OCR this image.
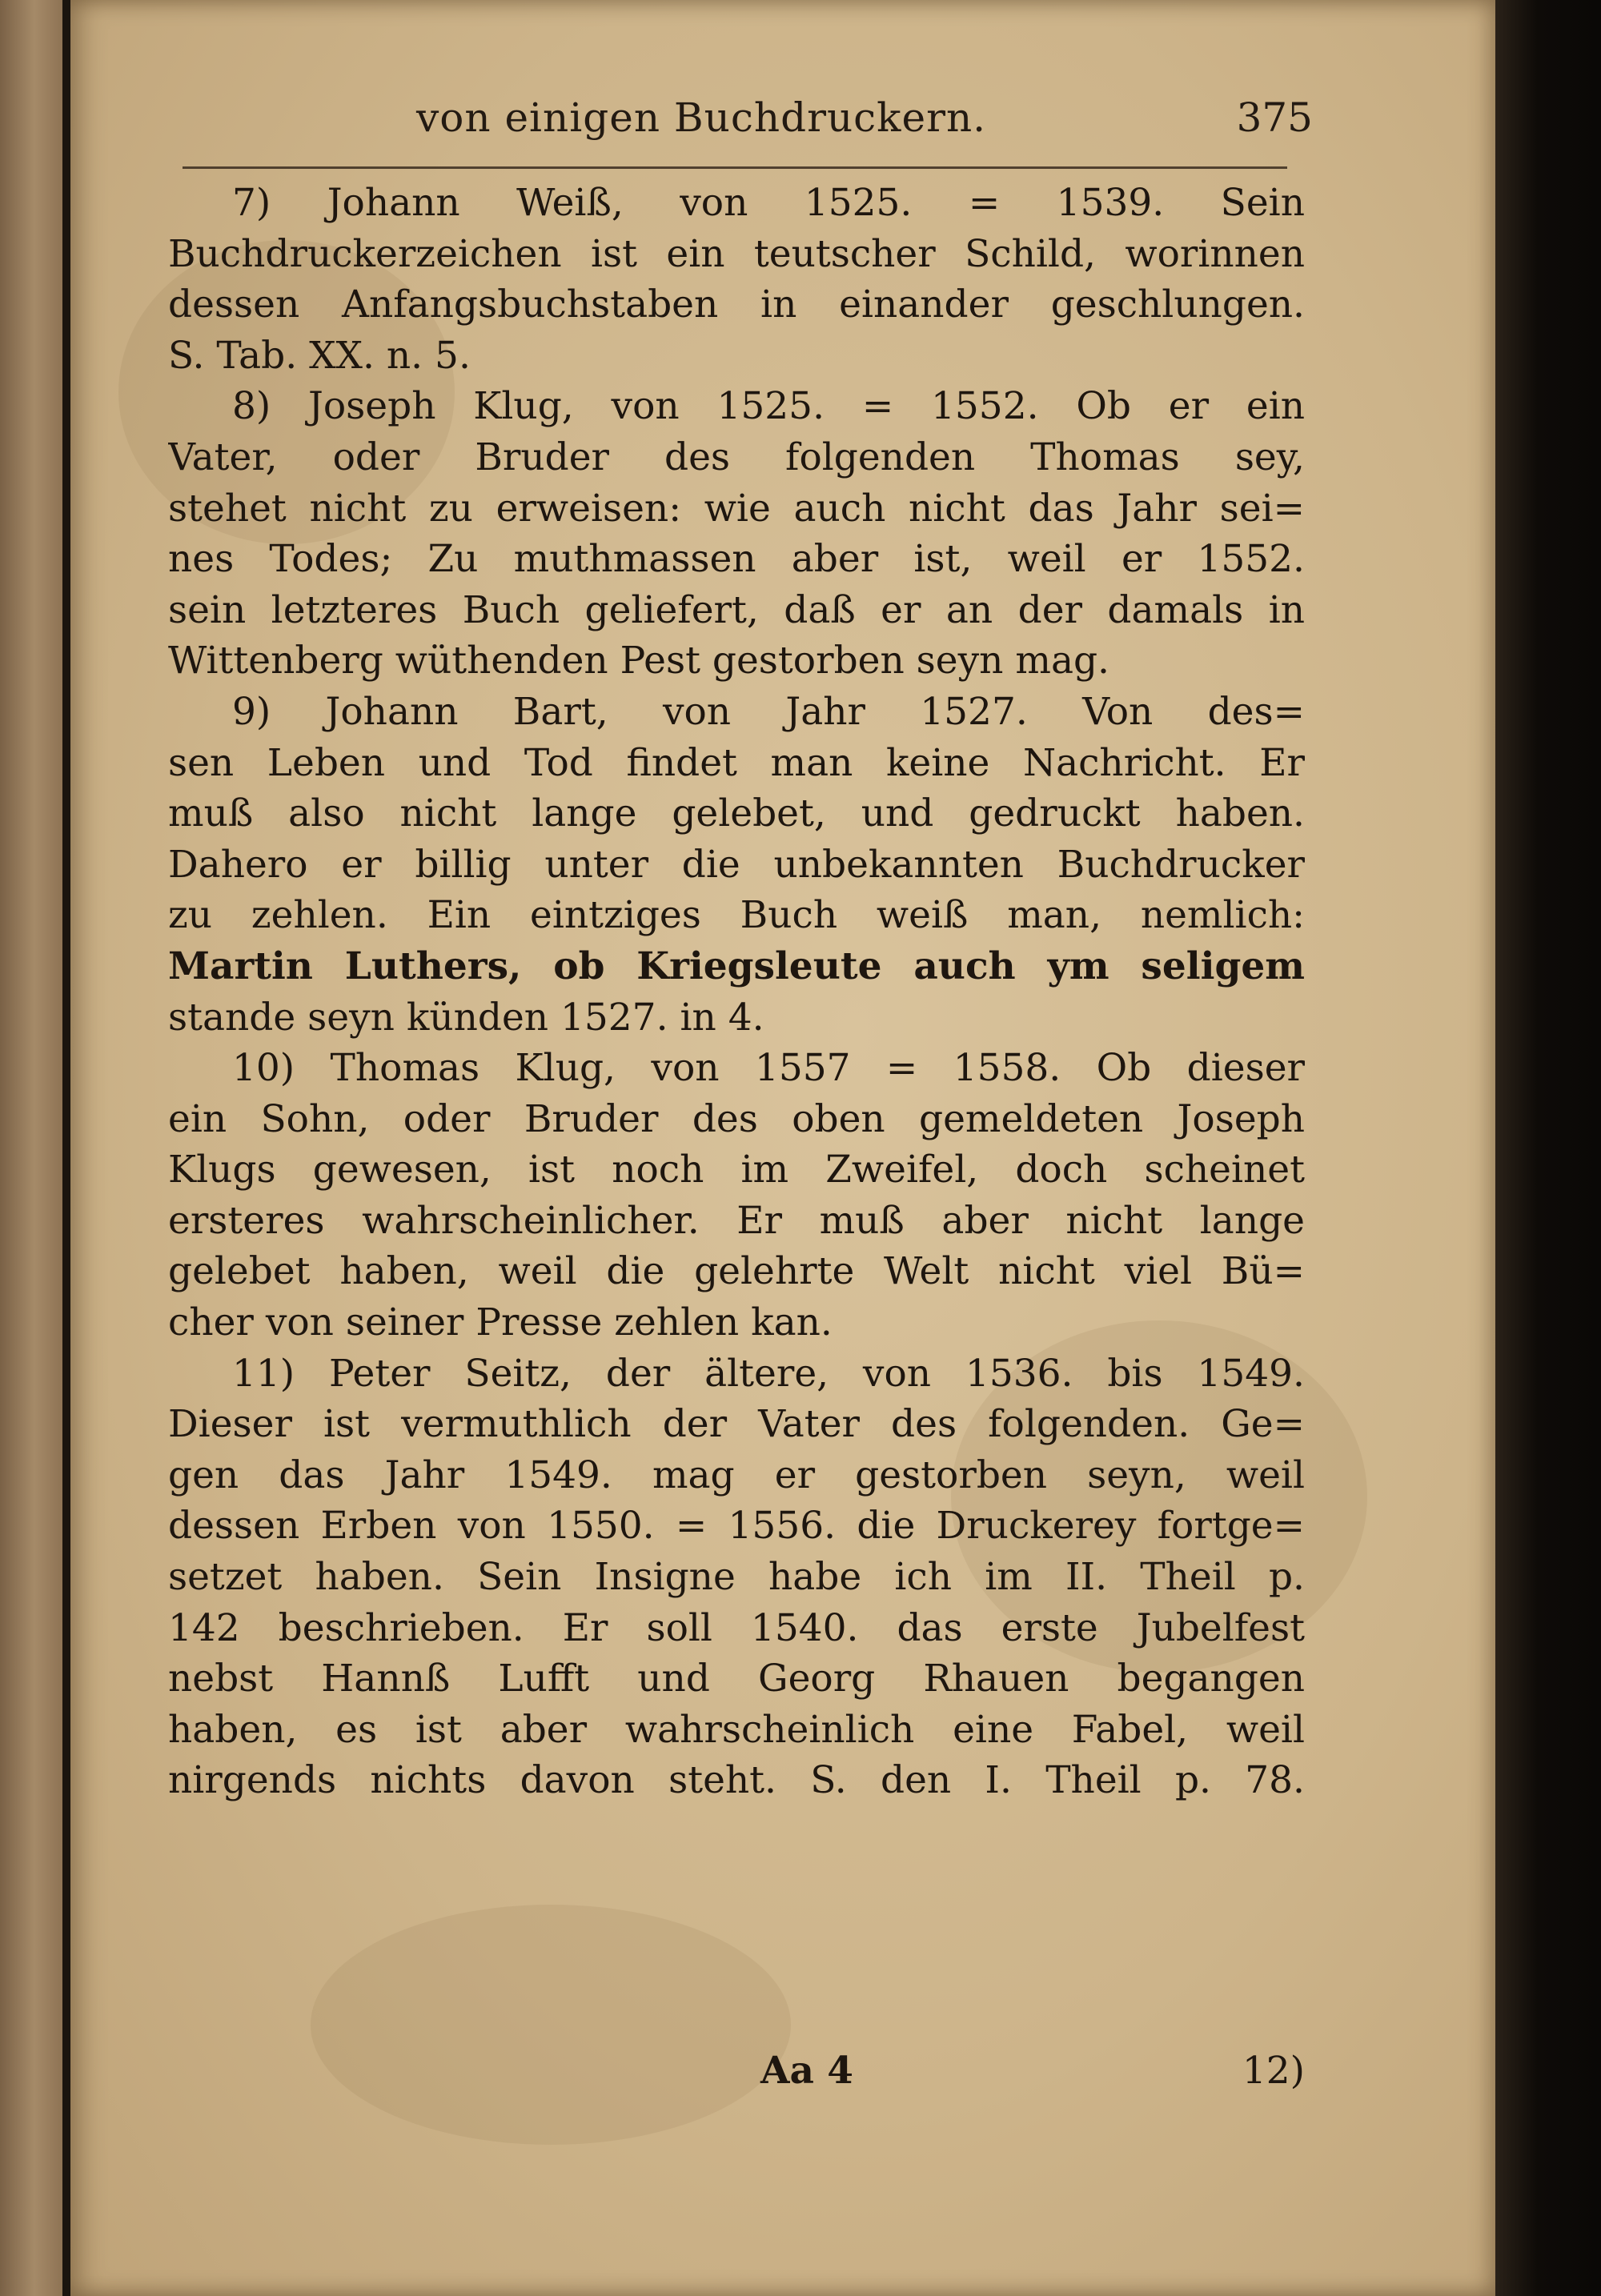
von einigen Buchdruckern.	375
7) Johann Weiß, von 1525. = 1539. Sein
Buchdruckerzeichen ist ein teutscher Schild, worinnen
dessen Anfangsbuchstaben in einander geschlungen.
S. Tab. XX. n. 5.
8) Joseph Klug, von 1525. = 1552. Ob er ein
Vater, oder Bruder des folgenden Thomas sey,
stehet nicht zu erweisen: wie auch nicht das Jahr sei=
nes Todes; Zu muthmassen aber ist, weil er 1552.
sein letzteres Buch geliefert, daß er an der damals in
Wittenberg wüthenden Pest gestorben seyn mag.
9) Johann Bart, von Jahr 1527. Von des=
sen Leben und Tod findet man keine Nachricht. Er
muß also nicht lange gelebet, und gedruckt haben.
Dahero er billig unter die unbekannten Buchdrucker
zu zehlen. Ein eintziges Buch weiß man, nemlich:
Martin Luthers, ob Kriegsleute auch ym seligem
stande seyn künden 1527. in 4.
10) Thomas Klug, von 1557 = 1558. Ob dieser
ein Sohn, oder Bruder des oben gemeldeten Joseph
Klugs gewesen, ist noch im Zweifel, doch scheinet
ersteres wahrscheinlicher. Er muß aber nicht lange
gelebet haben, weil die gelehrte Welt nicht viel Bü=
cher von seiner Presse zehlen kan.
11) Peter Seitz, der ältere, von 1536. bis 1549.
Dieser ist vermuthlich der Vater des folgenden. Ge=
gen das Jahr 1549. mag er gestorben seyn, weil
dessen Erben von 1550. = 1556. die Druckerey fortge=
setzet haben. Sein Insigne habe ich im II. Theil p.
142 beschrieben. Er soll 1540. das erste Jubelfest
nebst Hannß Lufft und Georg Rhauen begangen
haben, es ist aber wahrscheinlich eine Fabel, weil
nirgends nichts davon steht. S. den I. Theil p. 78.
Aa 4	12)
